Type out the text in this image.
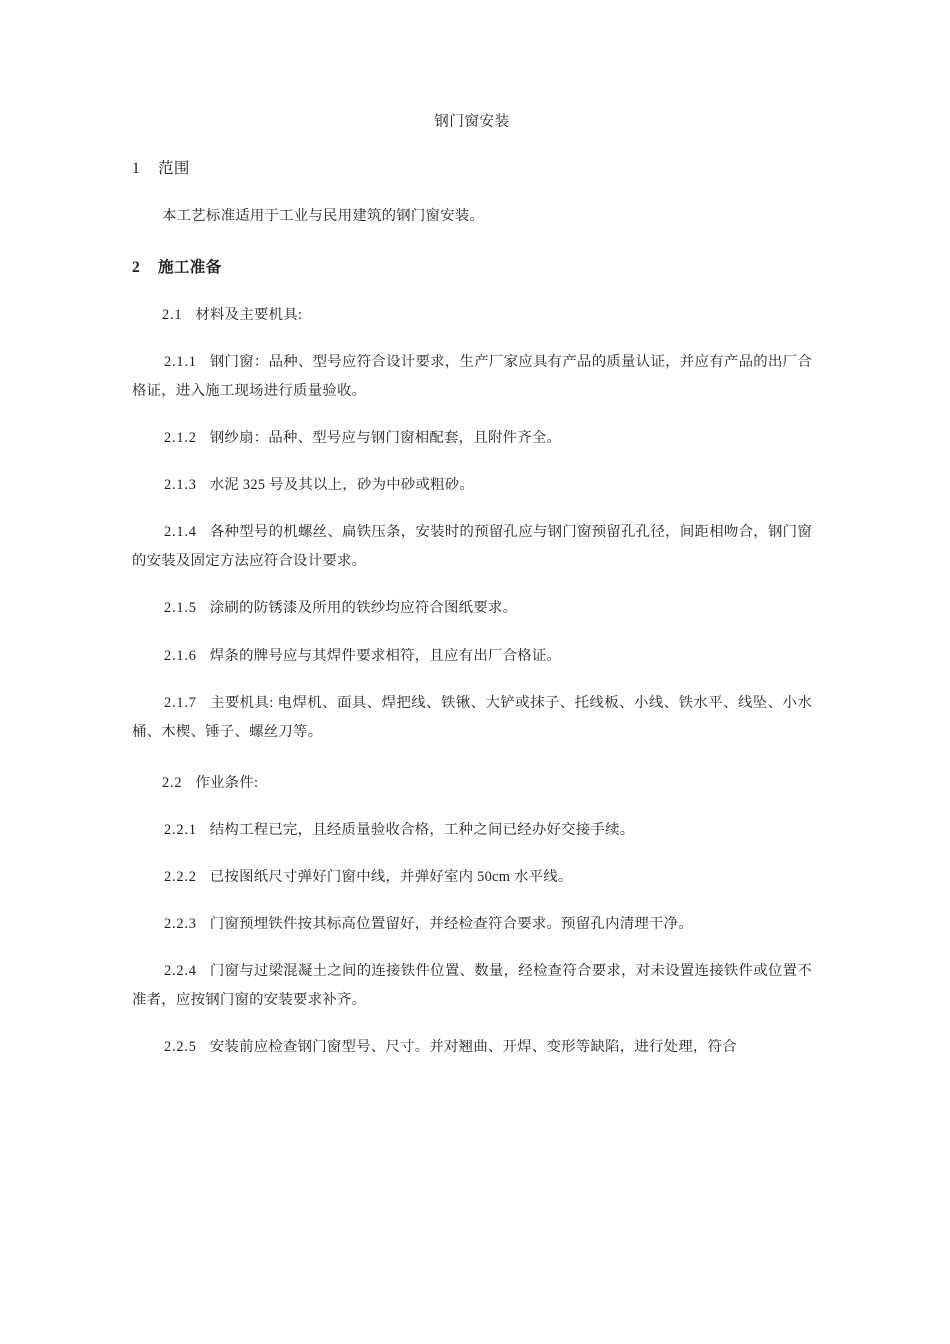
钢门窗安装
1 范围
本工艺标准适用于工业与民用建筑的钢门窗安装。
2 施工准备
2.1 材料及主要机具:
2.1.1 钢门窗：品种、型号应符合设计要求，生产厂家应具有产品的质量认证，并应有产品的出厂合格证，进入施工现场进行质量验收。
2.1.2 钢纱扇：品种、型号应与钢门窗相配套，且附件齐全。
2.1.3 水泥 325 号及其以上，砂为中砂或粗砂。
2.1.4 各种型号的机螺丝、扁铁压条，安装时的预留孔应与钢门窗预留孔孔径，间距相吻合，钢门窗的安装及固定方法应符合设计要求。
2.1.5 涂刷的防锈漆及所用的铁纱均应符合图纸要求。
2.1.6 焊条的牌号应与其焊件要求相符，且应有出厂合格证。
2.1.7 主要机具: 电焊机、面具、焊把线、铁锹、大铲或抹子、托线板、小线、铁水平、线坠、小水桶、木楔、锤子、螺丝刀等。
2.2 作业条件:
2.2.1 结构工程已完，且经质量验收合格，工种之间已经办好交接手续。
2.2.2 已按图纸尺寸弹好门窗中线，并弹好室内 50cm 水平线。
2.2.3 门窗预埋铁件按其标高位置留好，并经检查符合要求。预留孔内清理干净。
2.2.4 门窗与过梁混凝土之间的连接铁件位置、数量，经检查符合要求，对未设置连接铁件或位置不准者，应按钢门窗的安装要求补齐。
2.2.5 安装前应检查钢门窗型号、尺寸。并对翘曲、开焊、变形等缺陷，进行处理，符合
